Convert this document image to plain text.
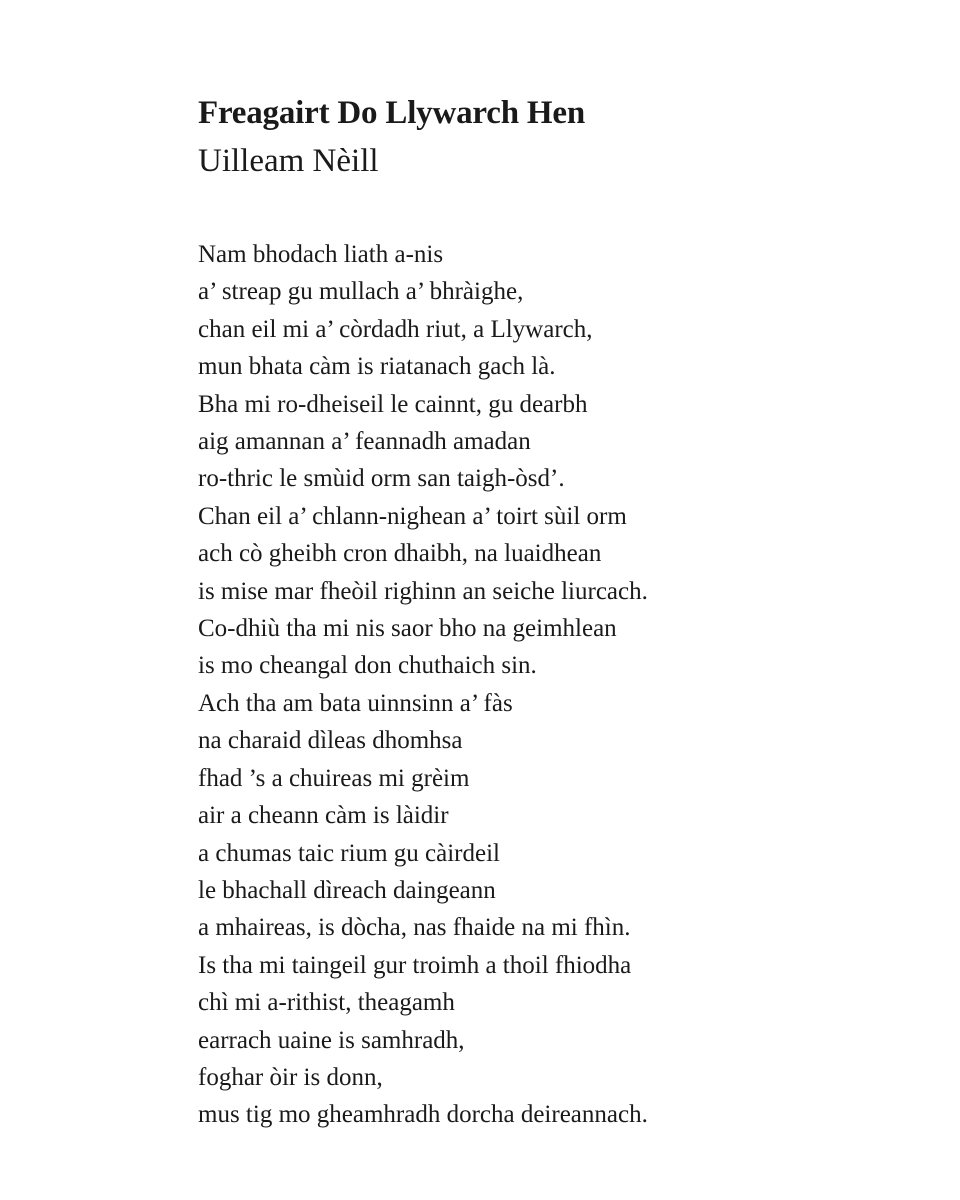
Freagairt Do Llywarch Hen
Uilleam Nèill
Nam bhodach liath a-nis
a’ streap gu mullach a’ bhràighe,
chan eil mi a’ còrdadh riut, a Llywarch,
mun bhata càm is riatanach gach là.
Bha mi ro-dheiseil le cainnt, gu dearbh
aig amannan a’ feannadh amadan
ro-thric le smùid orm san taigh-òsd’.
Chan eil a’ chlann-nighean a’ toirt sùil orm
ach cò gheibh cron dhaibh, na luaidhean
is mise mar fheòil righinn an seiche liurcach.
Co-dhiù tha mi nis saor bho na geimhlean
is mo cheangal don chuthaich sin.
Ach tha am bata uinnsinn a’ fàs
na charaid dìleas dhomhsa
fhad ’s a chuireas mi grèim
air a cheann càm is làidir
a chumas taic rium gu càirdeil
le bhachall dìreach daingeann
a mhaireas, is dòcha, nas fhaide na mi fhìn.
Is tha mi taingeil gur troimh a thoil fhiodha
chì mi a-rithist, theagamh
earrach uaine is samhradh,
foghar òir is donn,
mus tig mo gheamhradh dorcha deireannach.
